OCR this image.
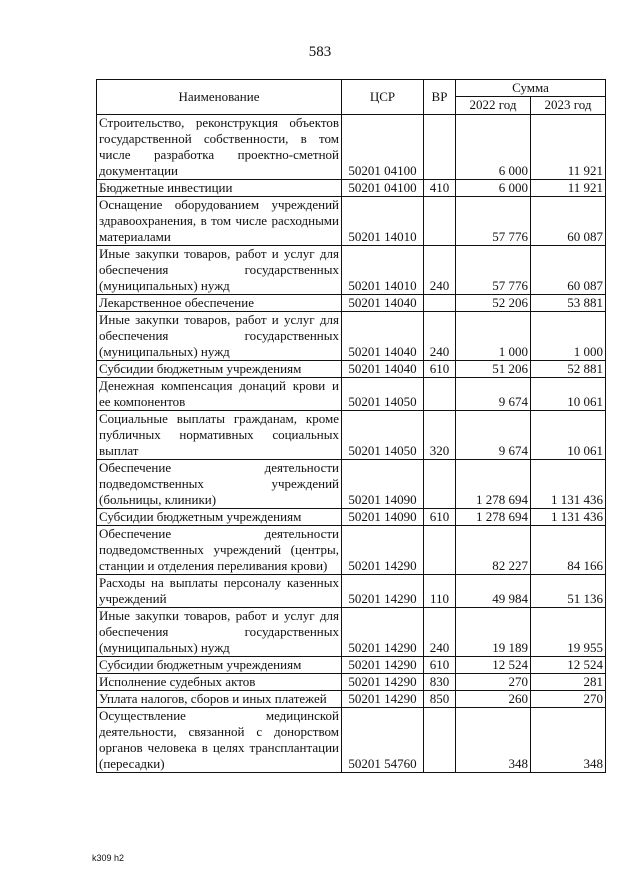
583
Наименование	ЦСР	ВР	Сумма	
			2022 год	2023 год
Строительство, реконструкция объектов государственной собственности, в том числе разработка проектно-сметной документации	50201 04100		6 000	11 921
Бюджетные инвестиции	50201 04100	410	6 000	11 921
Оснащение оборудованием учреждений здравоохранения, в том числе расходными материалами	50201 14010		57 776	60 087
Иные закупки товаров, работ и услуг для обеспечения государственных (муниципальных) нужд	50201 14010	240	57 776	60 087
Лекарственное обеспечение	50201 14040		52 206	53 881
Иные закупки товаров, работ и услуг для обеспечения государственных (муниципальных) нужд	50201 14040	240	1 000	1 000
Субсидии бюджетным учреждениям	50201 14040	610	51 206	52 881
Денежная компенсация донаций крови и ее компонентов	50201 14050		9 674	10 061
Социальные выплаты гражданам, кроме публичных нормативных социальных выплат	50201 14050	320	9 674	10 061
Обеспечение деятельности подведомственных учреждений (больницы, клиники)	50201 14090		1 278 694	1 131 436
Субсидии бюджетным учреждениям	50201 14090	610	1 278 694	1 131 436
Обеспечение деятельности подведомственных учреждений (центры, станции и отделения переливания крови)	50201 14290		82 227	84 166
Расходы на выплаты персоналу казенных учреждений	50201 14290	110	49 984	51 136
Иные закупки товаров, работ и услуг для обеспечения государственных (муниципальных) нужд	50201 14290	240	19 189	19 955
Субсидии бюджетным учреждениям	50201 14290	610	12 524	12 524
Исполнение судебных актов	50201 14290	830	270	281
Уплата налогов, сборов и иных платежей	50201 14290	850	260	270
Осуществление медицинской деятельности, связанной с донорством органов человека в целях трансплантации (пересадки)	50201 54760		348	348
k309 h2
